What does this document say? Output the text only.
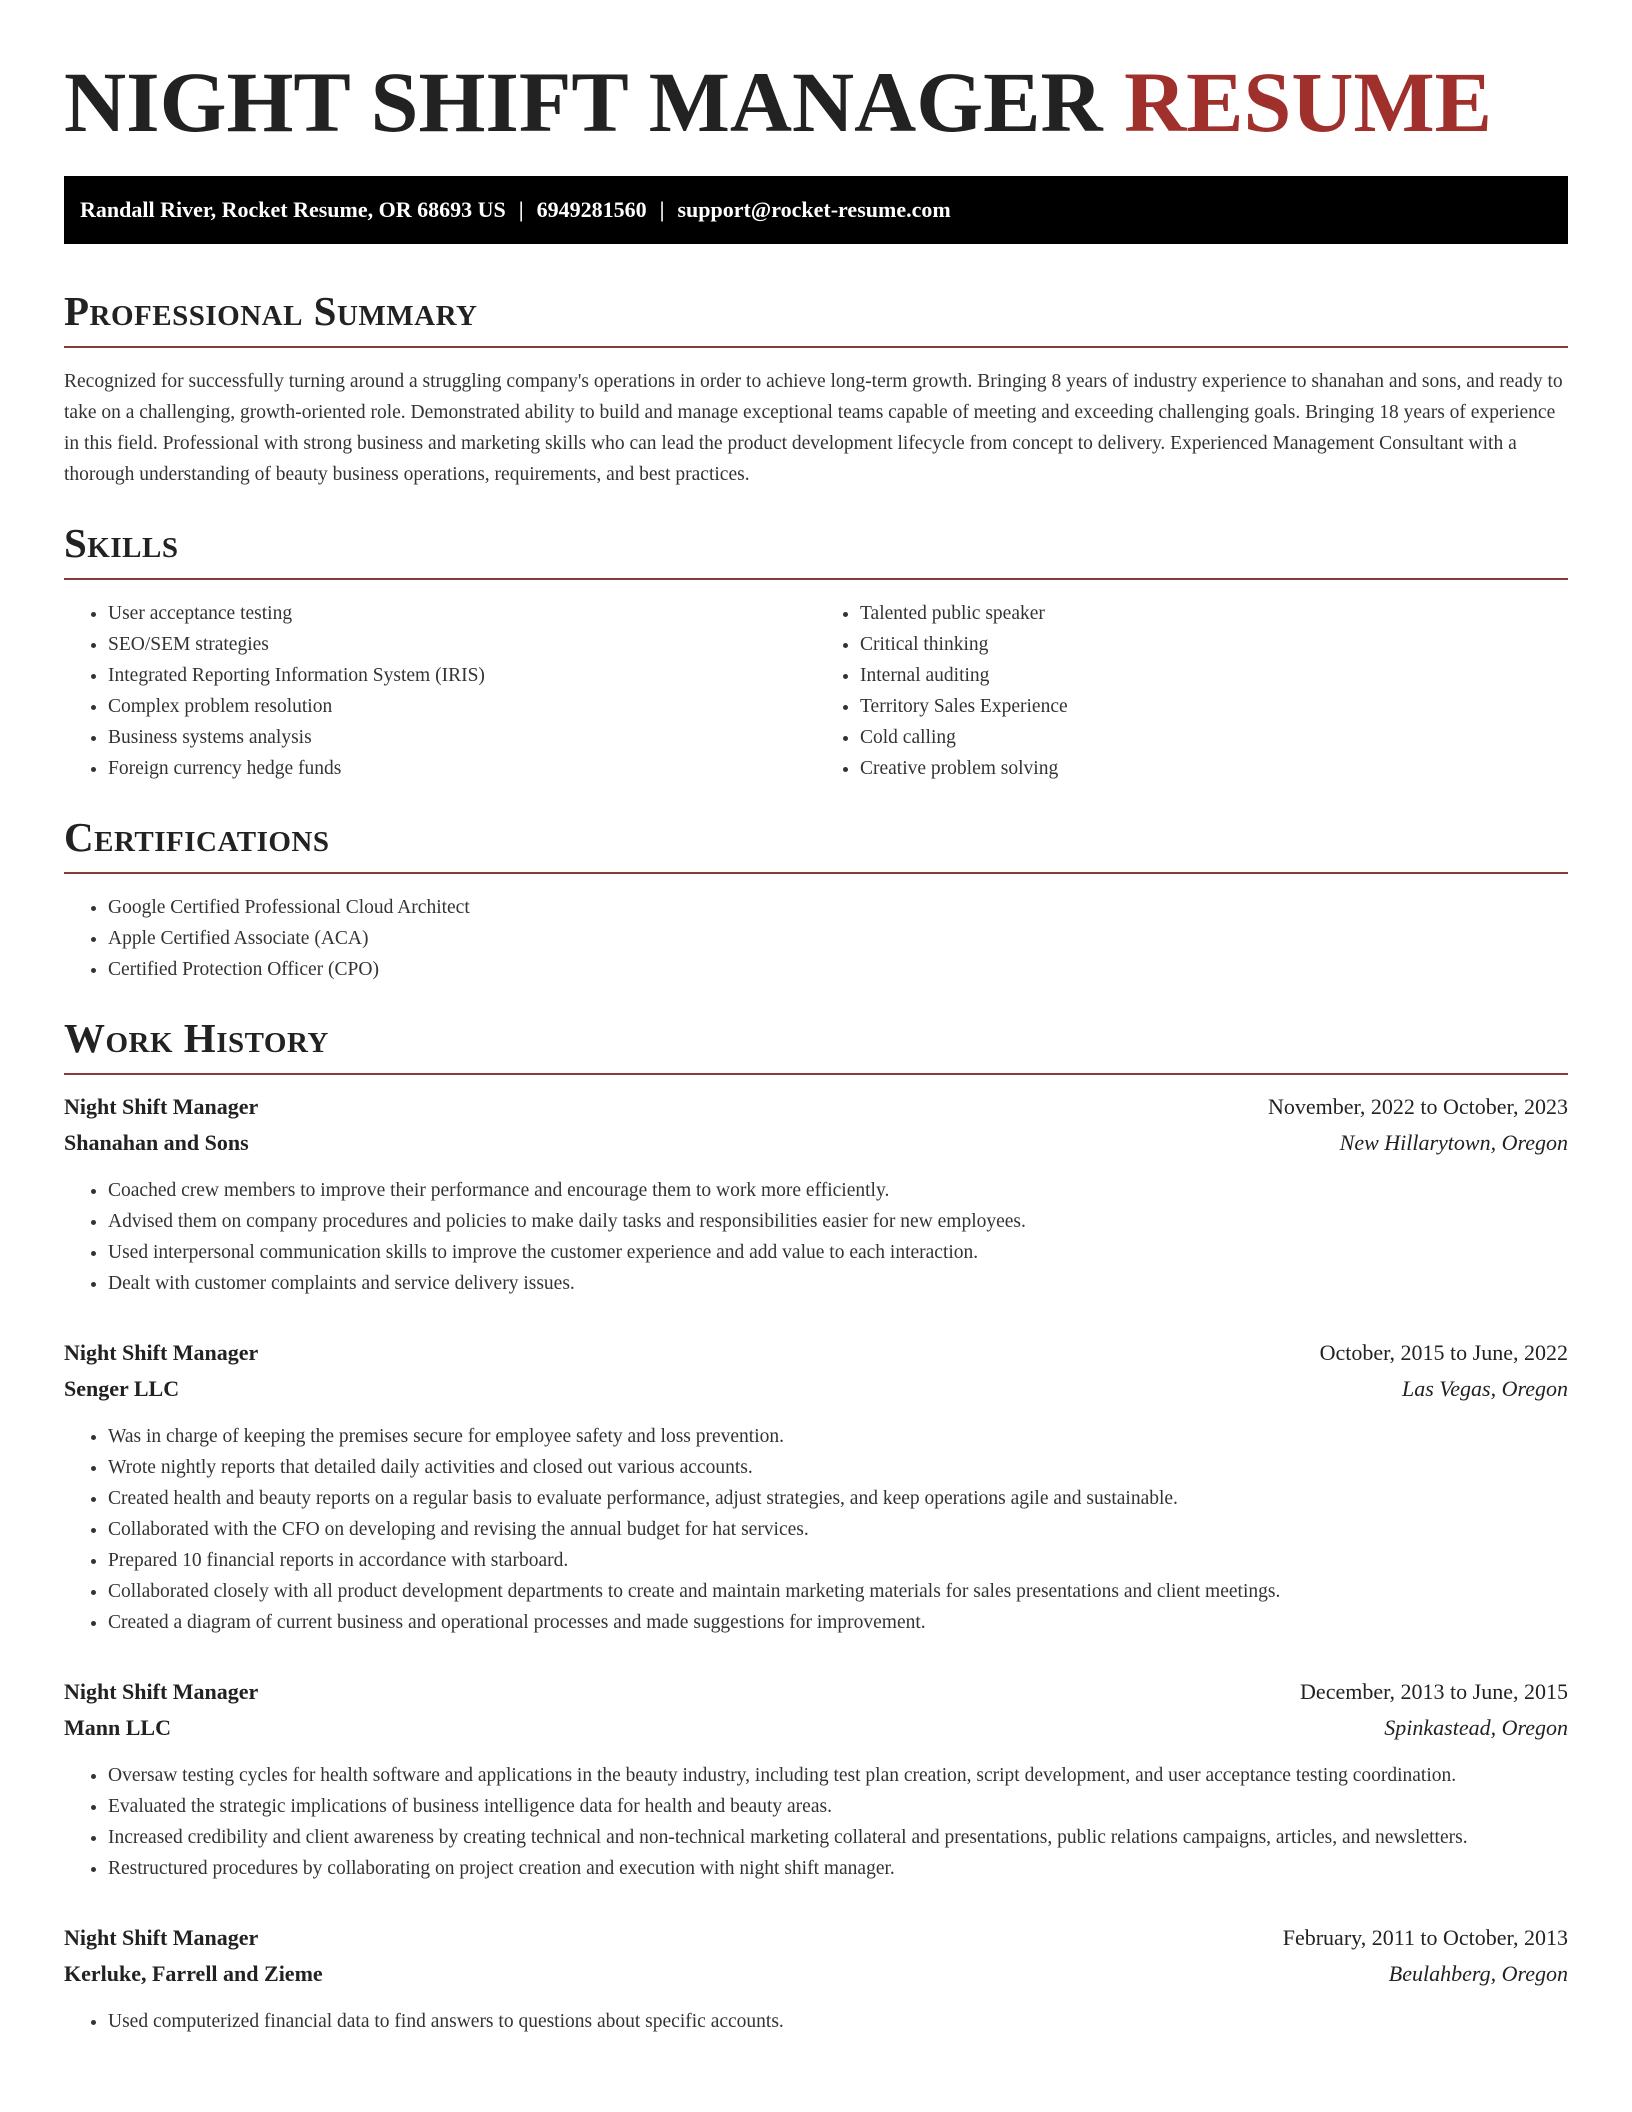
NIGHT SHIFT MANAGER RESUME
Randall River, Rocket Resume, OR 68693 US | 6949281560 | support@rocket-resume.com
Professional Summary

Recognized for successfully turning around a struggling company's operations in order to achieve long-term growth. Bringing 8 years of industry experience to shanahan and sons, and ready to take on a challenging, growth-oriented role. Demonstrated ability to build and manage exceptional teams capable of meeting and exceeding challenging goals. Bringing 18 years of experience in this field. Professional with strong business and marketing skills who can lead the product development lifecycle from concept to delivery. Experienced Management Consultant with a thorough understanding of beauty business operations, requirements, and best practices.

Skills
• User acceptance testing
• SEO/SEM strategies
• Integrated Reporting Information System (IRIS)
• Complex problem resolution
• Business systems analysis
• Foreign currency hedge funds
• Talented public speaker
• Critical thinking
• Internal auditing
• Territory Sales Experience
• Cold calling
• Creative problem solving
Certifications
• Google Certified Professional Cloud Architect
• Apple Certified Associate (ACA)
• Certified Protection Officer (CPO)
Work History
Night Shift Manager	November, 2022 to October, 2023
Shanahan and Sons	New Hillarytown, Oregon
• Coached crew members to improve their performance and encourage them to work more efficiently.
• Advised them on company procedures and policies to make daily tasks and responsibilities easier for new employees.
• Used interpersonal communication skills to improve the customer experience and add value to each interaction.
• Dealt with customer complaints and service delivery issues.
Night Shift Manager	October, 2015 to June, 2022
Senger LLC	Las Vegas, Oregon
• Was in charge of keeping the premises secure for employee safety and loss prevention.
• Wrote nightly reports that detailed daily activities and closed out various accounts.
• Created health and beauty reports on a regular basis to evaluate performance, adjust strategies, and keep operations agile and sustainable.
• Collaborated with the CFO on developing and revising the annual budget for hat services.
• Prepared 10 financial reports in accordance with starboard.
• Collaborated closely with all product development departments to create and maintain marketing materials for sales presentations and client meetings.
• Created a diagram of current business and operational processes and made suggestions for improvement.
Night Shift Manager	December, 2013 to June, 2015
Mann LLC	Spinkastead, Oregon
• Oversaw testing cycles for health software and applications in the beauty industry, including test plan creation, script development, and user acceptance testing coordination.
• Evaluated the strategic implications of business intelligence data for health and beauty areas.
• Increased credibility and client awareness by creating technical and non-technical marketing collateral and presentations, public relations campaigns, articles, and newsletters.
• Restructured procedures by collaborating on project creation and execution with night shift manager.
Night Shift Manager	February, 2011 to October, 2013
Kerluke, Farrell and Zieme	Beulahberg, Oregon
• Used computerized financial data to find answers to questions about specific accounts.
